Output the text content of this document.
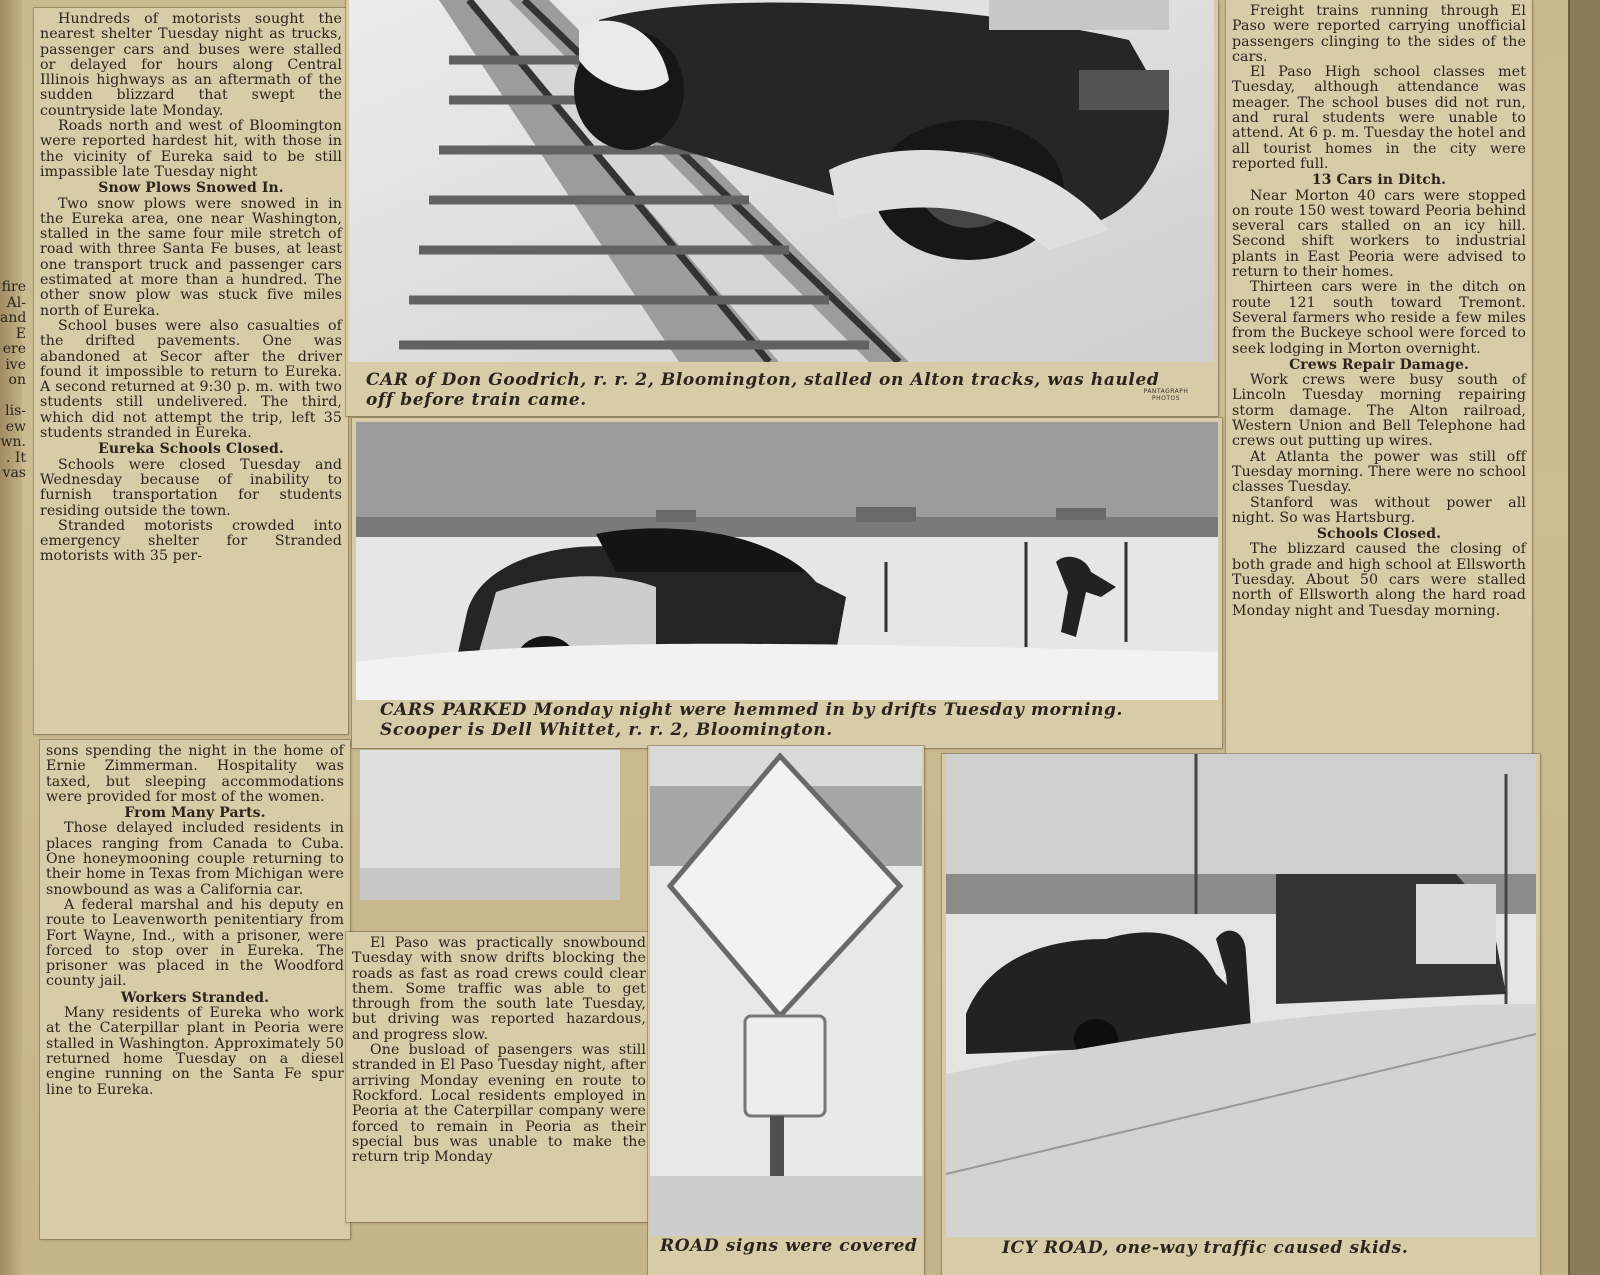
fire
Al-
and
E
ere
ive
on
lis-
ew
wn.
. It
vas

Hundreds of motorists sought the nearest shelter Tuesday night as trucks, passenger cars and buses were stalled or delayed for hours along Central Illinois highways as an aftermath of the sudden blizzard that swept the countryside late Monday.

Roads north and west of Bloomington were reported hardest hit, with those in the vicinity of Eureka said to be still impassible late Tuesday night

Snow Plows Snowed In.

Two snow plows were snowed in in the Eureka area, one near Washington, stalled in the same four mile stretch of road with three Santa Fe buses, at least one transport truck and passenger cars estimated at more than a hundred. The other snow plow was stuck five miles north of Eureka.

School buses were also casualties of the drifted pavements. One was abandoned at Secor after the driver found it impossible to return to Eureka. A second returned at 9:30 p. m. with two students still undelivered. The third, which did not attempt the trip, left 35 students stranded in Eureka.

Eureka Schools Closed.

Schools were closed Tuesday and Wednesday because of inability to furnish transportation for students residing outside the town.

Stranded motorists crowded into emergency shelter for Stranded motorists with 35 per-

sons spending the night in the home of Ernie Zimmerman. Hospitality was taxed, but sleeping accommodations were provided for most of the women.

From Many Parts.

Those delayed included residents in places ranging from Canada to Cuba. One honeymooning couple returning to their home in Texas from Michigan were snowbound as was a California car.

A federal marshal and his deputy en route to Leavenworth penitentiary from Fort Wayne, Ind., with a prisoner, were forced to stop over in Eureka. The prisoner was placed in the Woodford county jail.

Workers Stranded.

Many residents of Eureka who work at the Caterpillar plant in Peoria were stalled in Washington. Approximately 50 returned home Tuesday on a diesel engine running on the Santa Fe spur line to Eureka.

CAR of Don Goodrich, r. r. 2, Bloomington, stalled on Alton tracks, was hauled off before train came.	PANTAGRAPH PHOTOS
CARS PARKED Monday night were hemmed in by drifts Tuesday morning. Scooper is Dell Whittet, r. r. 2, Bloomington.

Freight trains running through El Paso were reported carrying unofficial passengers clinging to the sides of the cars.

El Paso High school classes met Tuesday, although attendance was meager. The school buses did not run, and rural students were unable to attend. At 6 p. m. Tuesday the hotel and all tourist homes in the city were reported full.

13 Cars in Ditch.

Near Morton 40 cars were stopped on route 150 west toward Peoria behind several cars stalled on an icy hill. Second shift workers to industrial plants in East Peoria were advised to return to their homes.

Thirteen cars were in the ditch on route 121 south toward Tremont. Several farmers who reside a few miles from the Buckeye school were forced to seek lodging in Morton overnight.

Crews Repair Damage.

Work crews were busy south of Lincoln Tuesday morning repairing storm damage. The Alton railroad, Western Union and Bell Telephone had crews out putting up wires.

At Atlanta the power was still off Tuesday morning. There were no school classes Tuesday.

Stanford was without power all night. So was Hartsburg.

Schools Closed.

The blizzard caused the closing of both grade and high school at Ellsworth Tuesday. About 50 cars were stalled north of Ellsworth along the hard road Monday night and Tuesday morning.

El Paso was practically snowbound Tuesday with snow drifts blocking the roads as fast as road crews could clear them. Some traffic was able to get through from the south late Tuesday, but driving was reported hazardous, and progress slow.

One busload of pasengers was still stranded in El Paso Tuesday night, after arriving Monday evening en route to Rockford. Local residents employed in Peoria at the Caterpillar company were forced to remain in Peoria as their special bus was unable to make the return trip Monday

ROAD signs were covered	ICY ROAD, one-way traffic caused skids.
